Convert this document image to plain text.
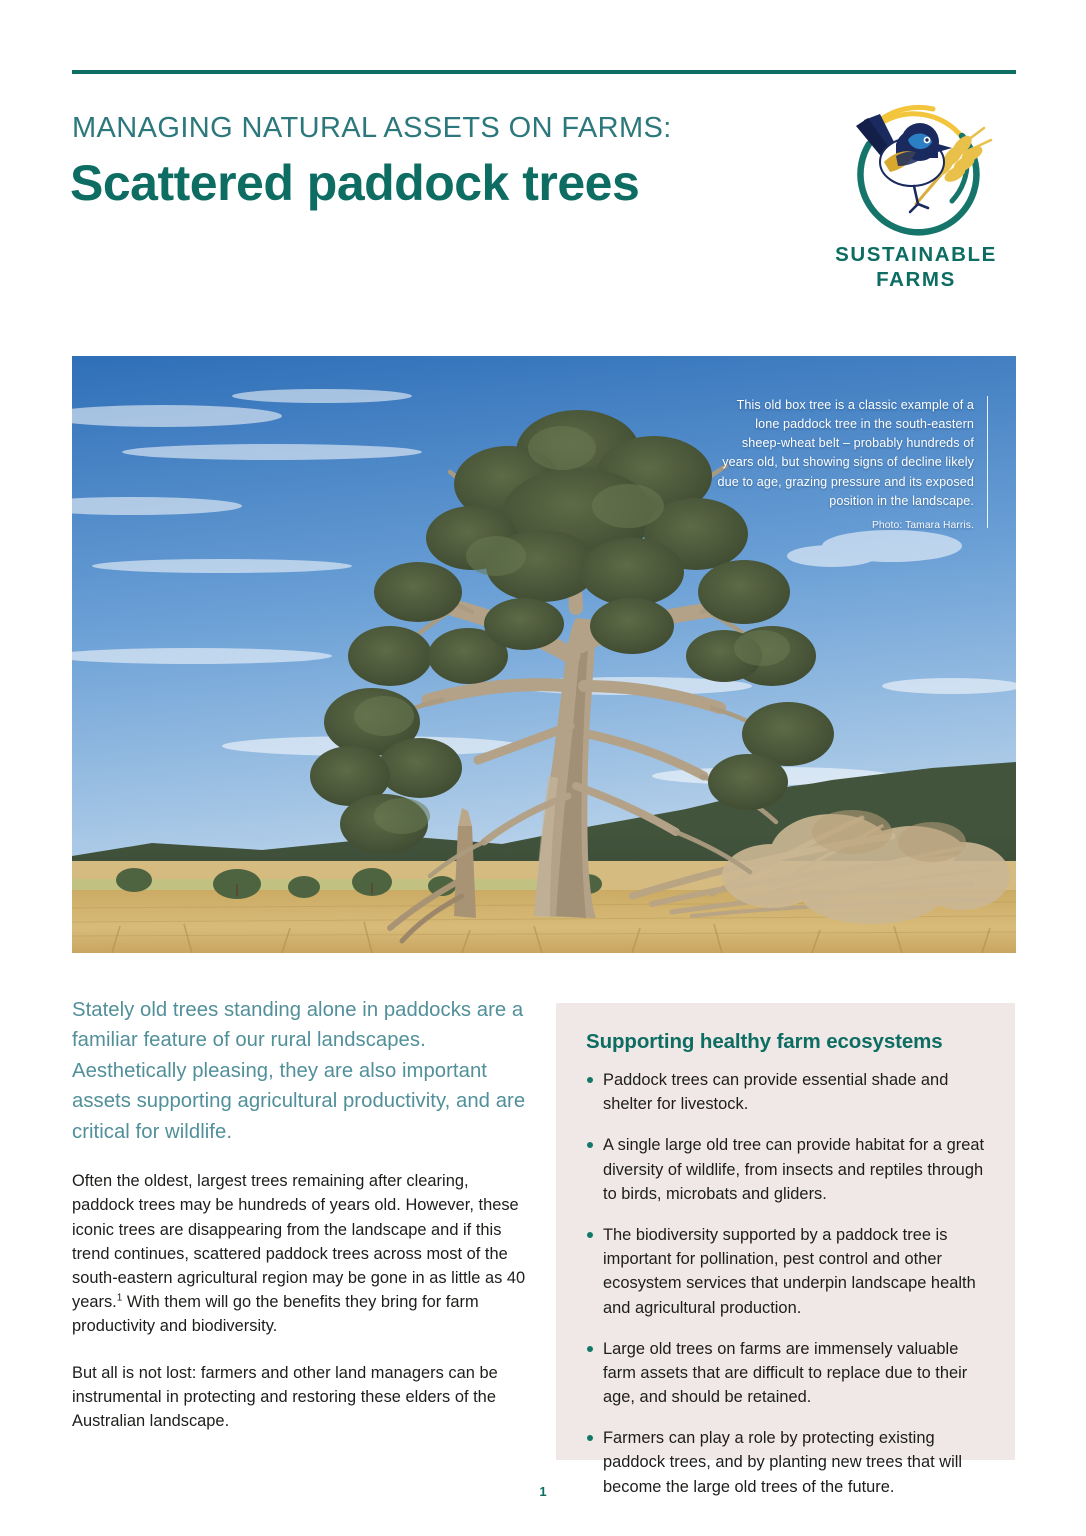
MANAGING NATURAL ASSETS ON FARMS:
Scattered paddock trees
SUSTAINABLE
FARMS
This old box tree is a classic example of a lone paddock tree in the south-eastern sheep-wheat belt – probably hundreds of years old, but showing signs of decline likely due to age, grazing pressure and its exposed position in the landscape.
Photo: Tamara Harris.

Stately old trees standing alone in paddocks are a familiar feature of our rural landscapes. Aesthetically pleasing, they are also important assets supporting agricultural productivity, and are critical for wildlife.

Often the oldest, largest trees remaining after clearing, paddock trees may be hundreds of years old. However, these iconic trees are disappearing from the landscape and if this trend continues, scattered paddock trees across most of the south-eastern agricultural region may be gone in as little as 40 years.$^1$ With them will go the benefits they bring for farm productivity and biodiversity.

But all is not lost: farmers and other land managers can be instrumental in protecting and restoring these elders of the Australian landscape.

Supporting healthy farm ecosystems
Paddock trees can provide essential shade and shelter for livestock.
A single large old tree can provide habitat for a great diversity of wildlife, from insects and reptiles through to birds, microbats and gliders.
The biodiversity supported by a paddock tree is important for pollination, pest control and other ecosystem services that underpin landscape health and agricultural production.
Large old trees on farms are immensely valuable farm assets that are difficult to replace due to their age, and should be retained.
Farmers can play a role by protecting existing paddock trees, and by planting new trees that will become the large old trees of the future.
1
